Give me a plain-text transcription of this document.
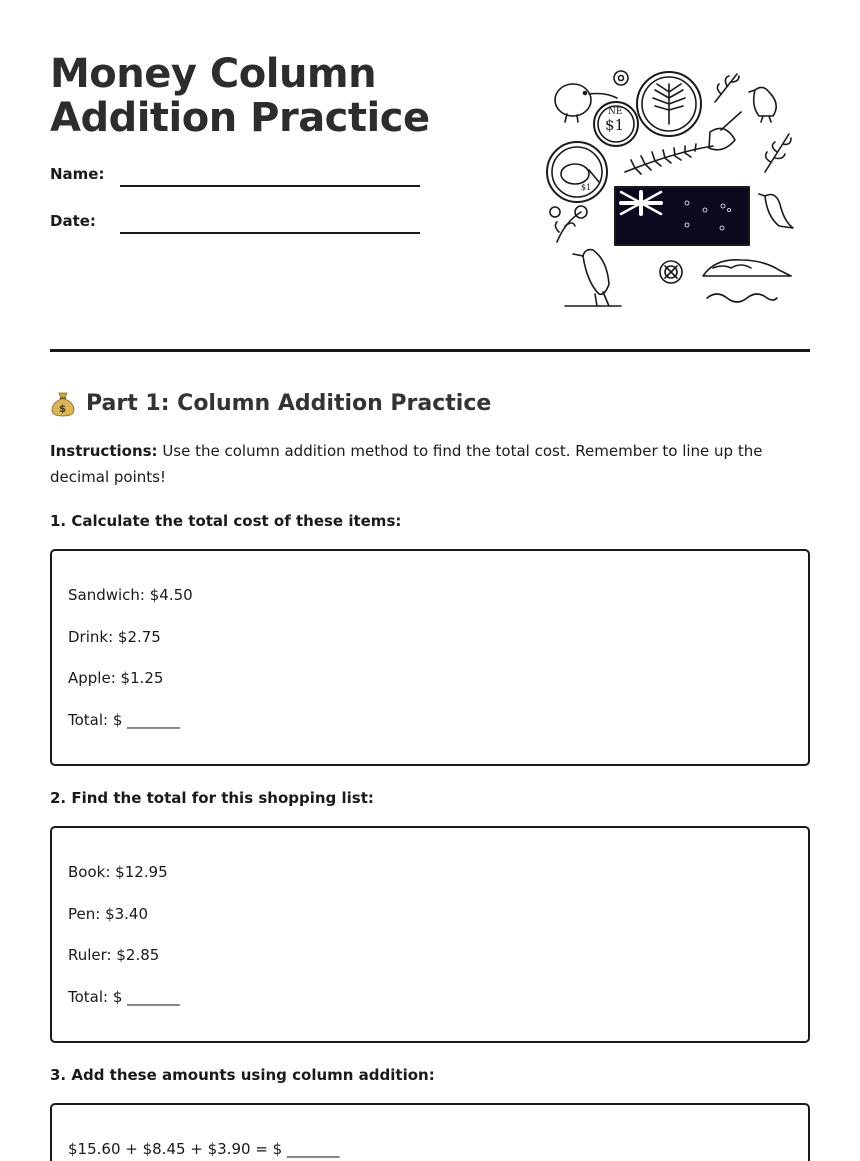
Money Column
Addition Practice
Name:
Date:
NE
$1
$1
$ Part 1: Column Addition Practice

Instructions: Use the column addition method to find the total cost. Remember to line up the decimal points!

1. Calculate the total cost of these items:
Sandwich: $4.50
Drink: $2.75
Apple: $1.25
Total: $ _______
2. Find the total for this shopping list:
Book: $12.95
Pen: $3.40
Ruler: $2.85
Total: $ _______
3. Add these amounts using column addition:
$15.60 + $8.45 + $3.90 = $ _______
